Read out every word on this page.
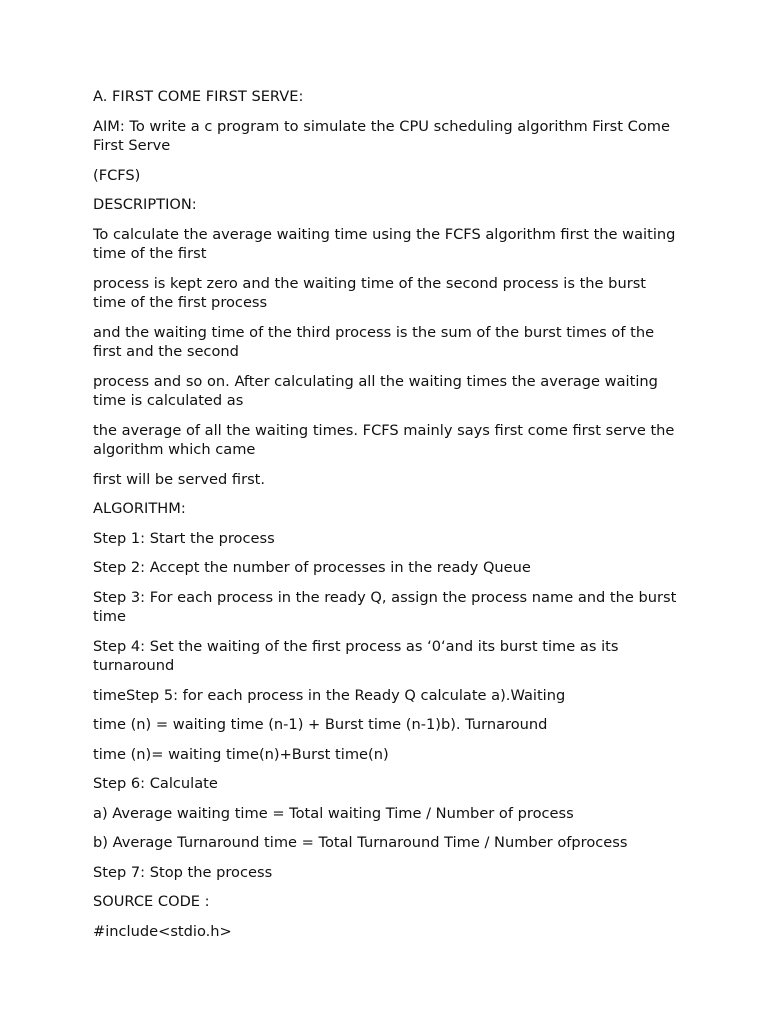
A. FIRST COME FIRST SERVE:

AIM: To write a c program to simulate the CPU scheduling algorithm First Come First Serve

(FCFS)

DESCRIPTION:

To calculate the average waiting time using the FCFS algorithm first the waiting time of the first

process is kept zero and the waiting time of the second process is the burst time of the first process

and the waiting time of the third process is the sum of the burst times of the first and the second

process and so on. After calculating all the waiting times the average waiting time is calculated as

the average of all the waiting times. FCFS mainly says first come first serve the algorithm which came

first will be served first.

ALGORITHM:

Step 1: Start the process

Step 2: Accept the number of processes in the ready Queue

Step 3: For each process in the ready Q, assign the process name and the burst time

Step 4: Set the waiting of the first process as ‘0‘and its burst time as its turnaround

timeStep 5: for each process in the Ready Q calculate a).Waiting

time (n) = waiting time (n-1) + Burst time (n-1)b). Turnaround

time (n)= waiting time(n)+Burst time(n)

Step 6: Calculate

a) Average waiting time = Total waiting Time / Number of process

b) Average Turnaround time = Total Turnaround Time / Number ofprocess

Step 7: Stop the process

SOURCE CODE :

#include<stdio.h>
